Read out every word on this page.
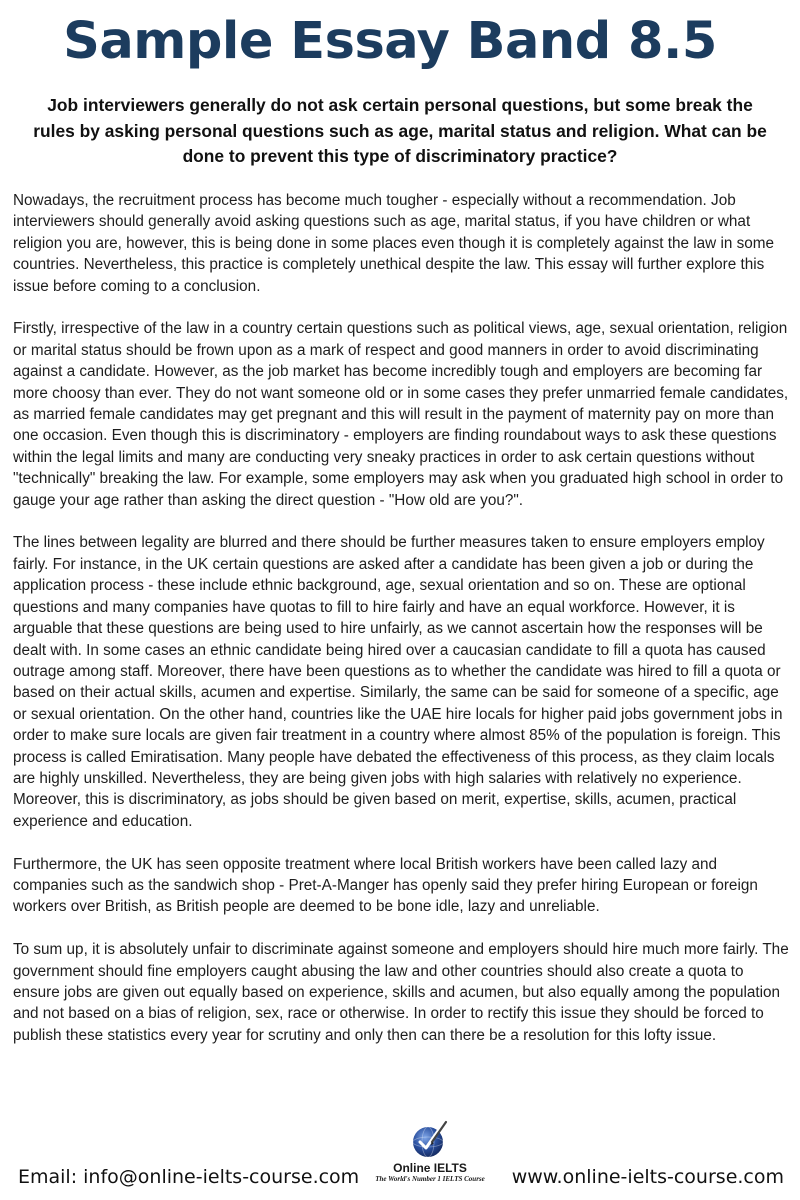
Sample Essay Band 8.5

Job interviewers generally do not ask certain personal questions, but some break the rules by asking personal questions such as age, marital status and religion. What can be done to prevent this type of discriminatory practice?

Nowadays, the recruitment process has become much tougher - especially without a recommendation. Job interviewers should generally avoid asking questions such as age, marital status, if you have children or what religion you are, however, this is being done in some places even though it is completely against the law in some countries. Nevertheless, this practice is completely unethical despite the law. This essay will further explore this issue before coming to a conclusion.

Firstly, irrespective of the law in a country certain questions such as political views, age, sexual orientation, religion or marital status should be frown upon as a mark of respect and good manners in order to avoid discriminating against a candidate. However, as the job market has become incredibly tough and employers are becoming far more choosy than ever. They do not want someone old or in some cases they prefer unmarried female candidates, as married female candidates may get pregnant and this will result in the payment of maternity pay on more than one occasion. Even though this is discriminatory - employers are finding roundabout ways to ask these questions within the legal limits and many are conducting very sneaky practices in order to ask certain questions without "technically" breaking the law. For example, some employers may ask when you graduated high school in order to gauge your age rather than asking the direct question - "How old are you?".

The lines between legality are blurred and there should be further measures taken to ensure employers employ fairly. For instance, in the UK certain questions are asked after a candidate has been given a job or during the application process - these include ethnic background, age, sexual orientation and so on. These are optional questions and many companies have quotas to fill to hire fairly and have an equal workforce. However, it is arguable that these questions are being used to hire unfairly, as we cannot ascertain how the responses will be dealt with. In some cases an ethnic candidate being hired over a caucasian candidate to fill a quota has caused outrage among staff. Moreover, there have been questions as to whether the candidate was hired to fill a quota or based on their actual skills, acumen and expertise. Similarly, the same can be said for someone of a specific, age or sexual orientation. On the other hand, countries like the UAE hire locals for higher paid jobs government jobs in order to make sure locals are given fair treatment in a country where almost 85% of the population is foreign. This process is called Emiratisation. Many people have debated the effectiveness of this process, as they claim locals are highly unskilled. Nevertheless, they are being given jobs with high salaries with relatively no experience. Moreover, this is discriminatory, as jobs should be given based on merit, expertise, skills, acumen, practical experience and education.

Furthermore, the UK has seen opposite treatment where local British workers have been called lazy and companies such as the sandwich shop - Pret-A-Manger has openly said they prefer hiring European or foreign workers over British, as British people are deemed to be bone idle, lazy and unreliable.

To sum up, it is absolutely unfair to discriminate against someone and employers should hire much more fairly. The government should fine employers caught abusing the law and other countries should also create a quota to ensure jobs are given out equally based on experience, skills and acumen, but also equally among the population and not based on a bias of religion, sex, race or otherwise. In order to rectify this issue they should be forced to publish these statistics every year for scrutiny and only then can there be a resolution for this lofty issue.

Email: info@online-ielts-course.com	Online IELTS
The World's Number 1 IELTS Course	www.online-ielts-course.com
